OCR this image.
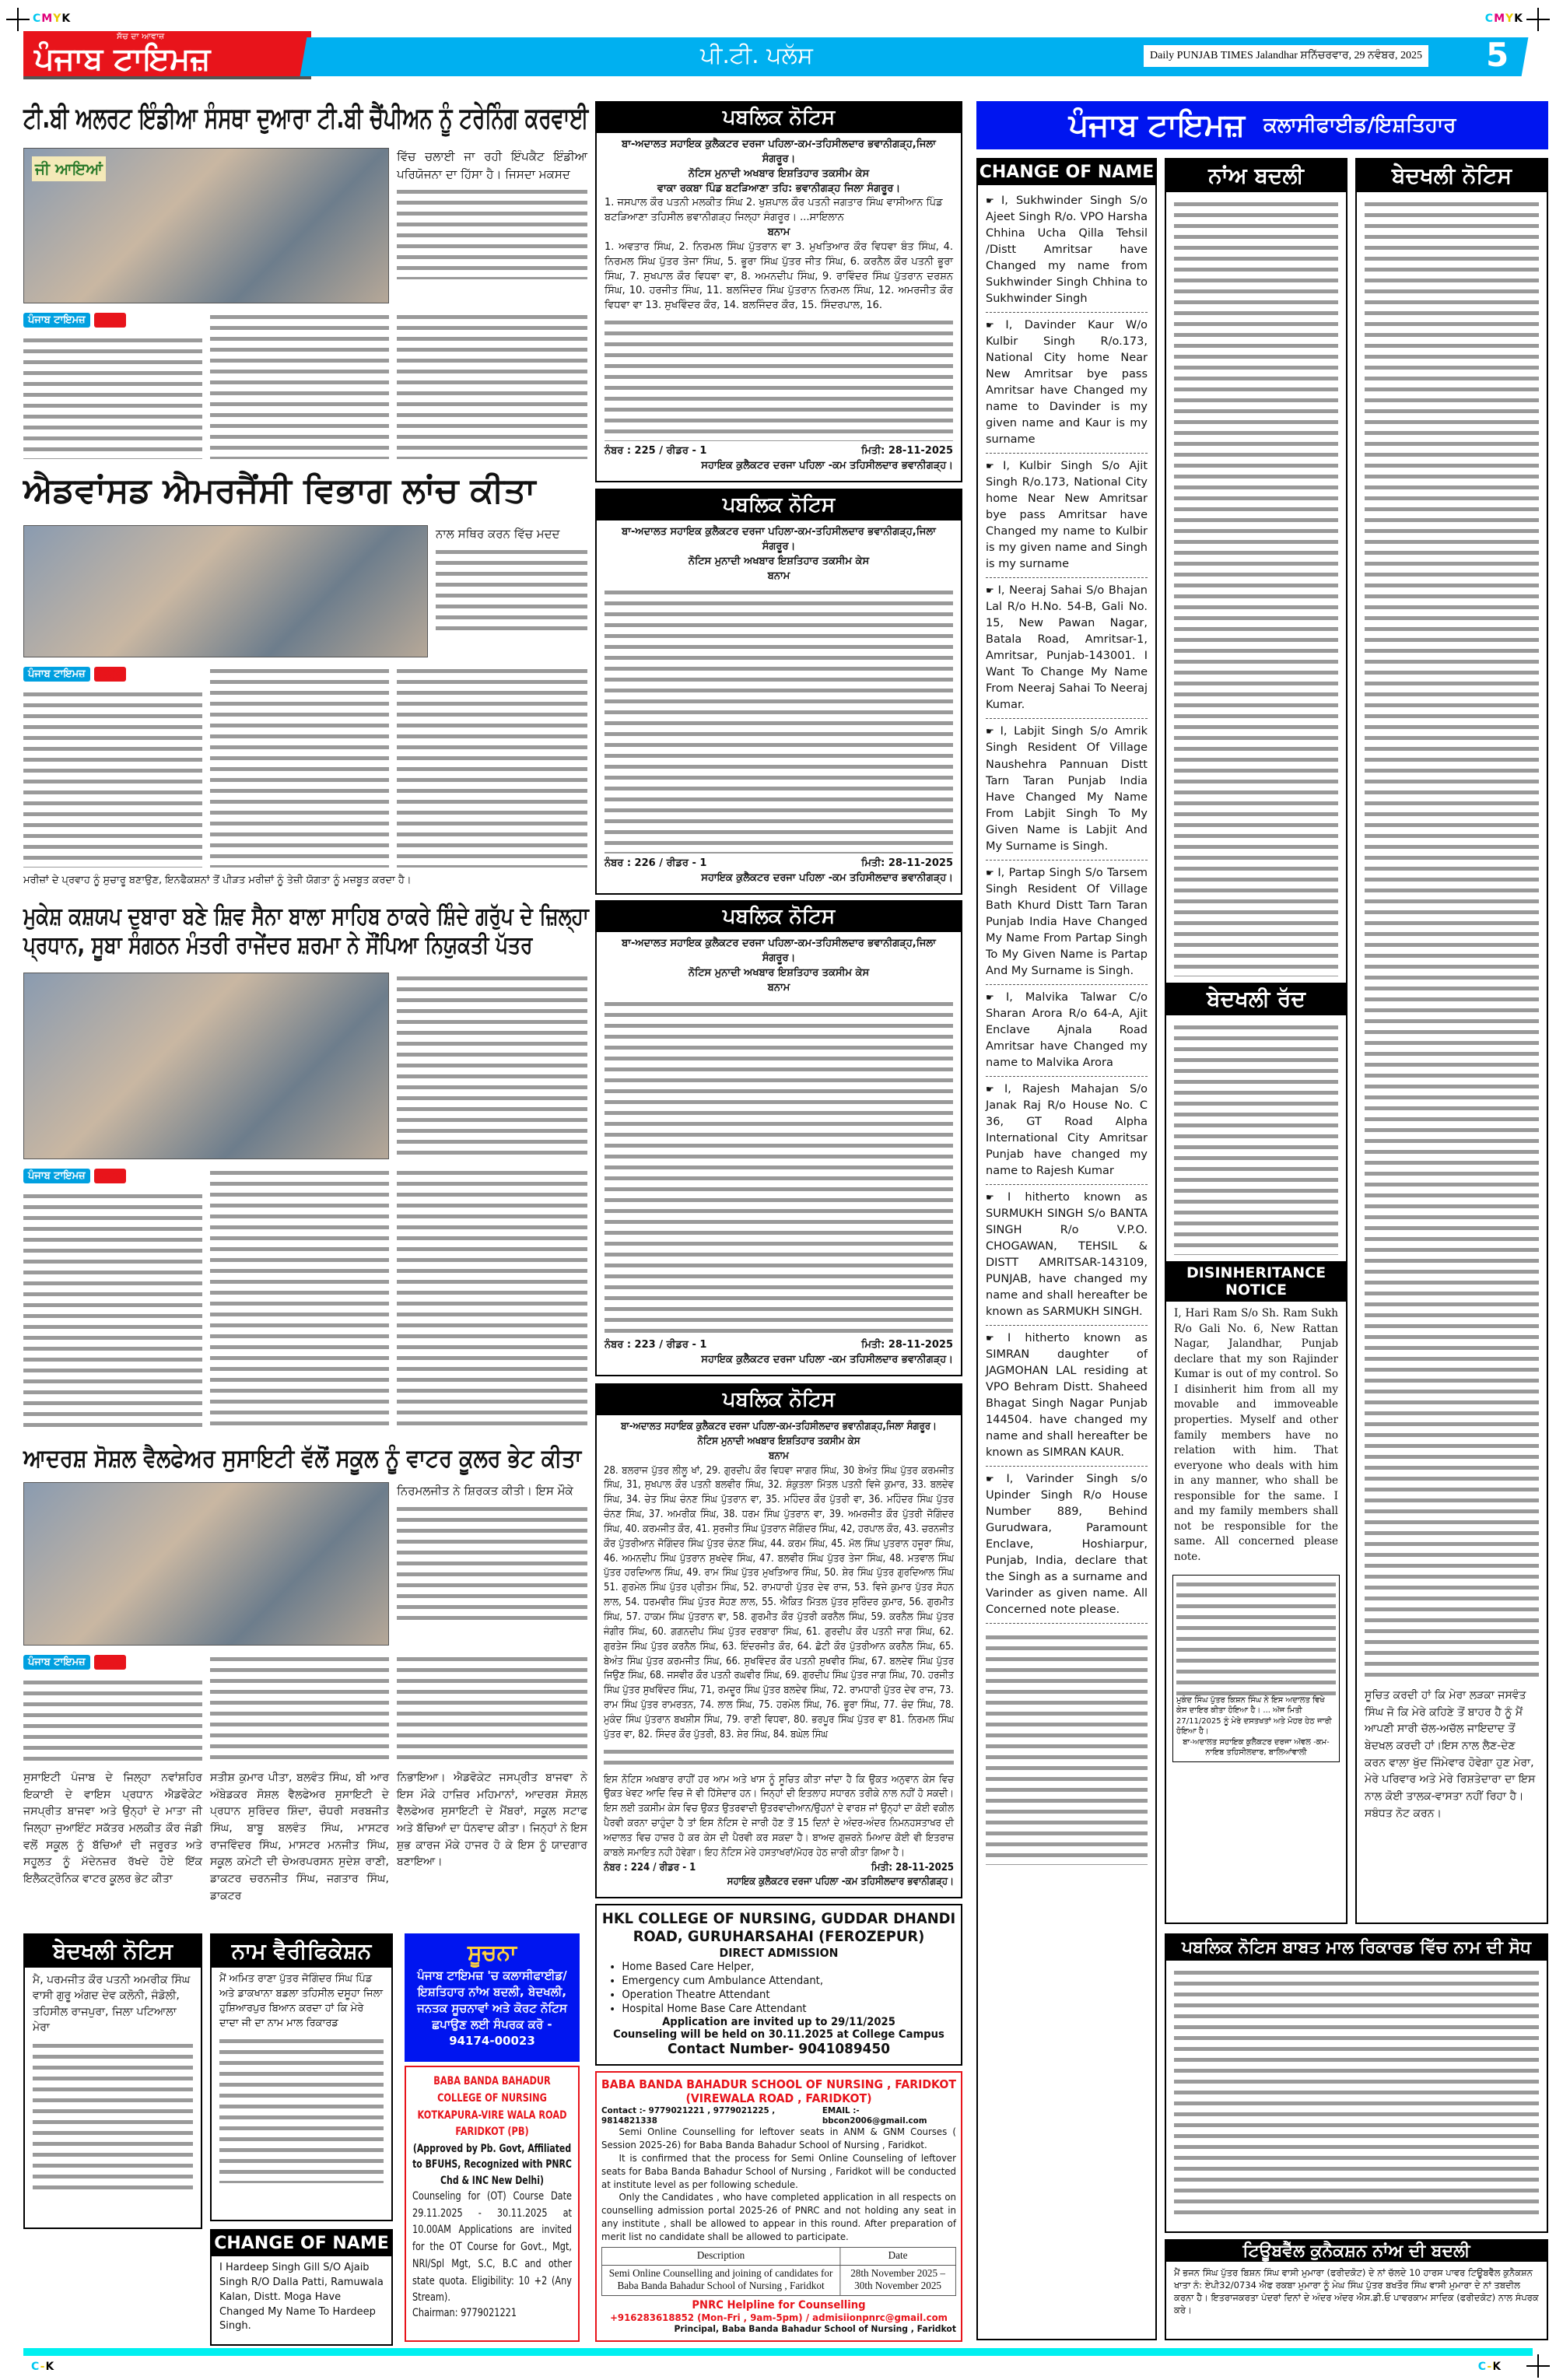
CMYK	CMYK
ਸੱਚ ਦਾ ਆਵਾਜ਼
ਪੰਜਾਬ ਟਾਇਮਜ਼	ਪੀ.ਟੀ. ਪਲੱਸ	Daily PUNJAB TIMES Jalandhar ਸ਼ਨਿੱਚਰਵਾਰ, 29 ਨਵੰਬਰ, 2025 5
ਟੀ.ਬੀ ਅਲਰਟ ਇੰਡੀਆ ਸੰਸਥਾ ਦੁਆਰਾ ਟੀ.ਬੀ ਚੈਂਪੀਅਨ ਨੂੰ ਟਰੇਨਿੰਗ ਕਰਵਾਈ
ਜੀ ਆਇਆਂ
ਵਿੱਚ ਚਲਾਈ ਜਾ ਰਹੀ ਇੰਪਕੈਟ ਇੰਡੀਆ ਪਰਿਯੋਜਨਾ ਦਾ ਹਿੱਸਾ ਹੈ। ਜਿਸਦਾ ਮਕਸਦ
ਪੰਜਾਬ ਟਾਇਮਜ਼ ਬਿਊਰੋ
ਐਡਵਾਂਸਡ ਐਮਰਜੈਂਸੀ ਵਿਭਾਗ ਲਾਂਚ ਕੀਤਾ
ਨਾਲ ਸਥਿਰ ਕਰਨ ਵਿੱਚ ਮਦਦ
ਪੰਜਾਬ ਟਾਇਮਜ਼ ਬਿਊਰੋ
ਮਰੀਜ਼ਾਂ ਦੇ ਪ੍ਰਵਾਹ ਨੂੰ ਸੁਚਾਰੂ ਬਣਾਉਣ, ਇਨਫੈਕਸ਼ਨਾਂ ਤੋਂ ਪੀੜਤ ਮਰੀਜ਼ਾਂ ਨੂੰ ਤੇਜ਼ੀ ਯੋਗਤਾ ਨੂੰ ਮਜ਼ਬੂਤ ਕਰਦਾ ਹੈ।
ਮੁਕੇਸ਼ ਕਸ਼ਯਪ ਦੁਬਾਰਾ ਬਣੇ ਸ਼ਿਵ ਸੈਨਾ ਬਾਲਾ ਸਾਹਿਬ ਠਾਕਰੇ ਸ਼ਿੰਦੇ ਗਰੁੱਪ ਦੇ ਜ਼ਿਲ੍ਹਾ ਪ੍ਰਧਾਨ, ਸੂਬਾ ਸੰਗਠਨ ਮੰਤਰੀ ਰਾਜੇਂਦਰ ਸ਼ਰਮਾ ਨੇ ਸੌਂਪਿਆ ਨਿਯੁਕਤੀ ਪੱਤਰ
ਪੰਜਾਬ ਟਾਇਮਜ਼ ਬਿਊਰੋ
ਆਦਰਸ਼ ਸੋਸ਼ਲ ਵੈਲਫੇਅਰ ਸੁਸਾਇਟੀ ਵੱਲੋਂ ਸਕੂਲ ਨੂੰ ਵਾਟਰ ਕੂਲਰ ਭੇਟ ਕੀਤਾ
ਨਿਰਮਲਜੀਤ ਨੇ ਸ਼ਿਰਕਤ ਕੀਤੀ। ਇਸ ਮੌਕੇ
ਪੰਜਾਬ ਟਾਇਮਜ਼ ਬਿਊਰੋ
ਸੁਸਾਇਟੀ ਪੰਜਾਬ ਦੇ ਜਿਲ੍ਹਾ ਨਵਾਂਸ਼ਹਿਰ ਇਕਾਈ ਦੇ ਵਾਇਸ ਪ੍ਰਧਾਨ ਐਡਵੋਕੇਟ ਜਸਪ੍ਰੀਤ ਬਾਜਵਾ ਅਤੇ ਉਨ੍ਹਾਂ ਦੇ ਮਾਤਾ ਜੀ ਜਿਲ੍ਹਾ ਜੁਆਇੰਟ ਸਕੱਤਰ ਮਲਕੀਤ ਕੌਰ ਜੰਡੀ ਵਲੋਂ ਸਕੂਲ ਨੂੰ ਬੱਚਿਆਂ ਦੀ ਜਰੂਰਤ ਅਤੇ ਸਹੂਲਤ ਨੂੰ ਮੱਦੇਨਜ਼ਰ ਰੱਖਦੇ ਹੋਏ ਇੱਕ ਇਲੈਕਟ੍ਰੋਨਿਕ ਵਾਟਰ ਕੂਲਰ ਭੇਟ ਕੀਤਾ
ਸਤੀਸ਼ ਕੁਮਾਰ ਪੀਤਾ, ਬਲਵੰਤ ਸਿੰਘ, ਬੀ ਆਰ ਅੰਬੇਡਕਰ ਸੋਸ਼ਲ ਵੈਲਫੇਅਰ ਸੁਸਾਇਟੀ ਦੇ ਪ੍ਰਧਾਨ ਸੁਰਿੰਦਰ ਸ਼ਿੰਦਾ, ਚੌਧਰੀ ਸਰਬਜੀਤ ਸਿੰਘ, ਬਾਬੂ ਬਲਵੰਤ ਸਿੰਘ, ਮਾਸਟਰ ਰਾਜਵਿੰਦਰ ਸਿੰਘ, ਮਾਸਟਰ ਮਨਜੀਤ ਸਿੰਘ, ਸਕੂਲ ਕਮੇਟੀ ਦੀ ਚੇਅਰਪਰਸਨ ਸੁਦੇਸ਼ ਰਾਣੀ, ਡਾਕਟਰ ਚਰਨਜੀਤ ਸਿੰਘ, ਜਗਤਾਰ ਸਿੰਘ, ਡਾਕਟਰ
ਨਿਭਾਇਆ। ਐਡਵੋਕੇਟ ਜਸਪ੍ਰੀਤ ਬਾਜਵਾ ਨੇ ਇਸ ਮੌਕੇ ਹਾਜ਼ਿਰ ਮਹਿਮਾਨਾਂ, ਆਦਰਸ਼ ਸੋਸ਼ਲ ਵੈਲਫੇਅਰ ਸੁਸਾਇਟੀ ਦੇ ਮੈਂਬਰਾਂ, ਸਕੂਲ ਸਟਾਫ ਅਤੇ ਬੱਚਿਆਂ ਦਾ ਧੰਨਵਾਦ ਕੀਤਾ। ਜਿਨ੍ਹਾਂ ਨੇ ਇਸ ਸ਼ੁਭ ਕਾਰਜ ਮੌਕੇ ਹਾਜਰ ਹੋ ਕੇ ਇਸ ਨੂੰ ਯਾਦਗਾਰ ਬਣਾਇਆ।
ਬੇਦਖਲੀ ਨੋਟਿਸ
ਮੈ, ਪਰਮਜੀਤ ਕੌਰ ਪਤਨੀ ਅਮਰੀਕ ਸਿੰਘ ਵਾਸੀ ਗੁਰੂ ਅੰਗਦ ਦੇਵ ਕਲੋਨੀ, ਜੰਡੋਲੀ, ਤਹਿਸੀਲ ਰਾਜਪੁਰਾ, ਜਿਲਾ ਪਟਿਆਲਾ ਮੇਰਾ
ਨਾਮ ਵੈਰੀਫਿਕੇਸ਼ਨ
ਮੈਂ ਅਮਿਤ ਰਾਣਾ ਪੁੱਤਰ ਜੋਗਿੰਦਰ ਸਿੰਘ ਪਿੰਡ ਅਤੇ ਡਾਕਖਾਨਾ ਬਡਲਾ ਤਹਿਸੀਲ ਦਸੂਹਾ ਜਿਲਾ ਹੁਸ਼ਿਆਰਪੁਰ ਬਿਆਨ ਕਰਦਾ ਹਾਂ ਕਿ ਮੇਰੇ ਦਾਦਾ ਜੀ ਦਾ ਨਾਮ ਮਾਲ ਰਿਕਾਰਡ
CHANGE OF NAME
I Hardeep Singh Gill S/O Ajaib Singh R/O Dalla Patti, Ramuwala Kalan, Distt. Moga Have Changed My Name To Hardeep Singh.
ਸੂਚਨਾ
ਪੰਜਾਬ ਟਾਇਮਜ਼ 'ਚ ਕਲਾਸੀਫਾਈਡ/ ਇਸ਼ਤਿਹਾਰ ਨਾਂਅ ਬਦਲੀ, ਬੇਦਖਲੀ, ਜਨਤਕ ਸੂਚਨਾਵਾਂ ਅਤੇ ਕੋਰਟ ਨੋਟਿਸ ਛਪਾਉਣ ਲਈ ਸੰਪਰਕ ਕਰੋ - 94174-00023
BABA BANDA BAHADUR COLLEGE OF NURSING KOTKAPURA-VIRE WALA ROAD FARIDKOT (PB)
(Approved by Pb. Govt, Affiliated to BFUHS, Recognized with PNRC Chd & INC New Delhi)
Counseling for (OT) Course Date 29.11.2025 - 30.11.2025 at 10.00AM Applications are invited for the OT Course for Govt., Mgt, NRI/Spl Mgt, S.C, B.C and other state quota. Eligibility: 10 +2 (Any Stream).
Chairman: 9779021221
ਪਬਲਿਕ ਨੋਟਿਸ
ਬਾ-ਅਦਾਲਤ ਸਹਾਇਕ ਕੁਲੈਕਟਰ ਦਰਜਾ ਪਹਿਲਾ-ਕਮ-ਤਹਿਸੀਲਦਾਰ ਭਵਾਨੀਗੜ੍ਹ,ਜਿਲਾ ਸੰਗਰੂਰ।
ਨੋਟਿਸ ਮੁਨਾਦੀ ਅਖਬਾਰ ਇਸ਼ਤਿਹਾਰ ਤਕਸੀਮ ਕੇਸ
ਵਾਕਾ ਰਕਬਾ ਪਿੰਡ ਬਟੜਿਆਣਾ ਤਹਿ: ਭਵਾਨੀਗੜ੍ਹ ਜਿਲਾ ਸੰਗਰੂਰ।
1. ਜਸਪਾਲ ਕੌਰ ਪਤਨੀ ਮਲਕੀਤ ਸਿੰਘ 2. ਖੁਸ਼ਪਾਲ ਕੌਰ ਪਤਨੀ ਜਗਤਾਰ ਸਿੰਘ ਵਾਸੀਆਨ ਪਿੰਡ ਬਟੜਿਆਣਾ ਤਹਿਸੀਲ ਭਵਾਨੀਗੜ੍ਹ ਜਿਲ੍ਹਾ ਸੰਗਰੂਰ। ...ਸਾਇਲਾਨ
ਬਨਾਮ
1. ਅਵਤਾਰ ਸਿੰਘ, 2. ਨਿਰਮਲ ਸਿੰਘ ਪੁੱਤਰਾਨ ਵਾ 3. ਮੁਖਤਿਆਰ ਕੌਰ ਵਿਧਵਾ ਬੰਤ ਸਿੰਘ, 4. ਨਿਰਮਲ ਸਿੰਘ ਪੁੱਤਰ ਤੇਜਾ ਸਿੰਘ, 5. ਭੂਰਾ ਸਿੰਘ ਪੁੱਤਰ ਜੀਤ ਸਿੰਘ, 6. ਕਰਨੈਲ ਕੌਰ ਪਤਨੀ ਭੂਰਾ ਸਿੰਘ, 7. ਸੁਖਪਾਲ ਕੌਰ ਵਿਧਵਾ ਵਾ, 8. ਅਮਨਦੀਪ ਸਿੰਘ, 9. ਰਾਵਿੰਦਰ ਸਿੰਘ ਪੁੱਤਰਾਨ ਦਰਸ਼ਨ ਸਿੰਘ, 10. ਹਰਜੀਤ ਸਿੰਘ, 11. ਬਲਜਿੰਦਰ ਸਿੰਘ ਪੁੱਤਰਾਨ ਨਿਰਮਲ ਸਿੰਘ, 12. ਅਮਰਜੀਤ ਕੌਰ ਵਿਧਵਾ ਵਾ 13. ਸੁਖਵਿੰਦਰ ਕੌਰ, 14. ਬਲਜਿੰਦਰ ਕੌਰ, 15. ਸਿੰਦਰਪਾਲ, 16.
ਨੰਬਰ : 225 / ਰੀਡਰ - 1	ਮਿਤੀ: 28-11-2025
ਸਹਾਇਕ ਕੁਲੈਕਟਰ ਦਰਜਾ ਪਹਿਲਾ -ਕਮ ਤਹਿਸੀਲਦਾਰ ਭਵਾਨੀਗੜ੍ਹ।
ਪਬਲਿਕ ਨੋਟਿਸ
ਬਾ-ਅਦਾਲਤ ਸਹਾਇਕ ਕੁਲੈਕਟਰ ਦਰਜਾ ਪਹਿਲਾ-ਕਮ-ਤਹਿਸੀਲਦਾਰ ਭਵਾਨੀਗੜ੍ਹ,ਜਿਲਾ ਸੰਗਰੂਰ।
ਨੋਟਿਸ ਮੁਨਾਦੀ ਅਖਬਾਰ ਇਸ਼ਤਿਹਾਰ ਤਕਸੀਮ ਕੇਸ
ਬਨਾਮ
ਨੰਬਰ : 226 / ਰੀਡਰ - 1	ਮਿਤੀ: 28-11-2025
ਸਹਾਇਕ ਕੁਲੈਕਟਰ ਦਰਜਾ ਪਹਿਲਾ -ਕਮ ਤਹਿਸੀਲਦਾਰ ਭਵਾਨੀਗੜ੍ਹ।
ਪਬਲਿਕ ਨੋਟਿਸ
ਬਾ-ਅਦਾਲਤ ਸਹਾਇਕ ਕੁਲੈਕਟਰ ਦਰਜਾ ਪਹਿਲਾ-ਕਮ-ਤਹਿਸੀਲਦਾਰ ਭਵਾਨੀਗੜ੍ਹ,ਜਿਲਾ ਸੰਗਰੂਰ।
ਨੋਟਿਸ ਮੁਨਾਦੀ ਅਖਬਾਰ ਇਸ਼ਤਿਹਾਰ ਤਕਸੀਮ ਕੇਸ
ਬਨਾਮ
ਨੰਬਰ : 223 / ਰੀਡਰ - 1	ਮਿਤੀ: 28-11-2025
ਸਹਾਇਕ ਕੁਲੈਕਟਰ ਦਰਜਾ ਪਹਿਲਾ -ਕਮ ਤਹਿਸੀਲਦਾਰ ਭਵਾਨੀਗੜ੍ਹ।
ਪਬਲਿਕ ਨੋਟਿਸ
ਬਾ-ਅਦਾਲਤ ਸਹਾਇਕ ਕੁਲੈਕਟਰ ਦਰਜਾ ਪਹਿਲਾ-ਕਮ-ਤਹਿਸੀਲਦਾਰ ਭਵਾਨੀਗੜ੍ਹ,ਜਿਲਾ ਸੰਗਰੂਰ।
ਨੋਟਿਸ ਮੁਨਾਦੀ ਅਖਬਾਰ ਇਸ਼ਤਿਹਾਰ ਤਕਸੀਮ ਕੇਸ
ਬਨਾਮ
28. ਬਲਰਾਜ ਪੁੱਤਰ ਲੀਲੂ ਖਾਂ, 29. ਗੁਰਦੀਪ ਕੌਰ ਵਿਧਵਾ ਜਾਗਰ ਸਿੰਘ, 30 ਬੇਅੰਤ ਸਿੰਘ ਪੁੱਤਰ ਕਰਮਜੀਤ ਸਿੰਘ, 31, ਸੁਖਪਾਲ ਕੌਰ ਪਤਨੀ ਬਲਵੀਰ ਸਿੰਘ, 32. ਸ਼ੰਕੁਤਲਾ ਮਿੱਤਲ ਪਤਨੀ ਵਿਜੇ ਕੁਮਾਰ, 33. ਬਲਦੇਵ ਸਿੰਘ, 34. ਚੇਤ ਸਿੰਘ ਚੰਨਣ ਸਿੰਘ ਪੁੱਤਰਾਨ ਵਾ, 35. ਮਹਿੰਦਰ ਕੌਰ ਪੁੱਤਰੀ ਵਾ, 36. ਮਹਿੰਦਰ ਸਿੰਘ ਪੁੱਤਰ ਚੰਨਣ ਸਿੰਘ, 37. ਅਮਰੀਕ ਸਿੰਘ, 38. ਧਰਮ ਸਿੰਘ ਪੁੱਤਰਾਨ ਵਾ, 39. ਅਮਰਜੀਤ ਕੌਰ ਪੁੱਤਰੀ ਜੋਗਿੰਦਰ ਸਿੰਘ, 40. ਕਰਮਜੀਤ ਕੌਰ, 41. ਸੁਰਜੀਤ ਸਿੰਘ ਪੁੱਤਰਾਨ ਜੋਗਿੰਦਰ ਸਿੰਘ, 42, ਹਰਪਾਲ ਕੌਰ, 43. ਚਰਨਜੀਤ ਕੌਰ ਪੁੱਤਰੀਆਨ ਜੋਗਿੰਦਰ ਸਿੰਘ ਪੁੱਤਰ ਚੰਨਣ ਸਿੰਘ, 44. ਕਰਮ ਸਿੰਘ, 45. ਮੱਲ ਸਿੰਘ ਪੁਤਰਾਨ ਹਜੂਰਾ ਸਿੰਘ, 46. ਅਮਨਦੀਪ ਸਿੰਘ ਪੁੱਤਰਾਨ ਸੁਖਦੇਵ ਸਿੰਘ, 47. ਬਲਵੀਰ ਸਿੰਘ ਪੁੱਤਰ ਤੇਜਾ ਸਿੰਘ, 48. ਮਤਵਾਲ ਸਿੰਘ ਪੁੱਤਰ ਹਰਦਿਆਲ ਸਿੰਘ, 49. ਰਾਮ ਸਿੰਘ ਪੁੱਤਰ ਮੁਖਤਿਆਰ ਸਿੰਘ, 50. ਸ਼ੇਰ ਸਿੰਘ ਪੁੱਤਰ ਗੁਰਦਿਆਲ ਸਿੰਘ 51. ਗੁਰਮੇਲ ਸਿੰਘ ਪੁੱਤਰ ਪ੍ਰੀਤਮ ਸਿੰਘ, 52. ਰਾਮਧਾਰੀ ਪੁੱਤਰ ਦੇਵ ਰਾਜ, 53. ਵਿਜੇ ਕੁਮਾਰ ਪੁੱਤਰ ਸੋਹਨ ਲਾਲ, 54. ਧਰਮਵੀਰ ਸਿੰਘ ਪੁੱਤਰ ਸੋਹਣ ਲਾਲ, 55. ਐਕਿਤ ਮਿੱਤਲ ਪੁੱਤਰ ਸੁਰਿੰਦਰ ਕੁਮਾਰ, 56. ਗੁਰਮੀਤ ਸਿੰਘ, 57. ਹਾਕਮ ਸਿੰਘ ਪੁੱਤਰਾਨ ਵਾ, 58. ਗੁਰਮੀਤ ਕੌਰ ਪੁੱਤਰੀ ਕਰਨੈਲ ਸਿੰਘ, 59. ਕਰਨੈਲ ਸਿੰਘ ਪੁੱਤਰ ਜੰਗੀਰ ਸਿੰਘ, 60. ਗਗਨਦੀਪ ਸਿੰਘ ਪੁੱਤਰ ਦਰਬਾਰਾ ਸਿੰਘ, 61. ਗੁਰਦੀਪ ਕੌਰ ਪਤਨੀ ਜਾਗ ਸਿੰਘ, 62. ਗੁਰਤੇਜ ਸਿੰਘ ਪੁੱਤਰ ਕਰਨੈਲ ਸਿੰਘ, 63. ਇੰਦਰਜੀਤ ਕੌਰ, 64. ਛੋਟੀ ਕੌਰ ਪੁੱਤਰੀਆਨ ਕਰਨੈਲ ਸਿੰਘ, 65. ਬੇਅੰਤ ਸਿੰਘ ਪੁੱਤਰ ਕਰਮਜੀਤ ਸਿੰਘ, 66. ਸੁਖਵਿੰਦਰ ਕੌਰ ਪਤਨੀ ਸੁਖਵੀਰ ਸਿੰਘ, 67. ਬਲਦੇਵ ਸਿੰਘ ਪੁੱਤਰ ਜਿਉਣ ਸਿੰਘ, 68. ਜਸਵੀਰ ਕੌਰ ਪਤਨੀ ਰਘਵੀਰ ਸਿੰਘ, 69. ਗੁਰਦੀਪ ਸਿੰਘ ਪੁੱਤਰ ਜਾਗ ਸਿੰਘ, 70. ਹਰਜੀਤ ਸਿੰਘ ਪੁੱਤਰ ਸੁਖਵਿੰਦਰ ਸਿੰਘ, 71, ਰਮਦੂਰ ਸਿੰਘ ਪੁੱਤਰ ਬਲਦੇਵ ਸਿੰਘ, 72. ਰਾਮਧਾਰੀ ਪੁੱਤਰ ਦੇਵ ਰਾਜ, 73. ਰਾਮ ਸਿੰਘ ਪੁੱਤਰ ਰਾਮਰਤਨ, 74. ਲਾਲ ਸਿੰਘ, 75. ਹਰਮੇਲ ਸਿੰਘ, 76. ਭੂਰਾ ਸਿੰਘ, 77. ਚੰਦ ਸਿੰਘ, 78. ਮੁਕੰਦ ਸਿੰਘ ਪੁੱਤਰਾਨ ਬਖਸ਼ੀਸ ਸਿੰਘ, 79. ਰਾਣੀ ਵਿਧਵਾ, 80. ਭਰਪੂਰ ਸਿੰਘ ਪੁੱਤਰ ਵਾ 81. ਨਿਰਮਲ ਸਿੰਘ ਪੁੱਤਰ ਵਾ, 82. ਸਿੰਦਰ ਕੌਰ ਪੁੱਤਰੀ, 83. ਸ਼ੇਰ ਸਿੰਘ, 84. ਬਘੇਲ ਸਿੰਘ
ਇਸ ਨੋਟਿਸ ਅਖਬਾਰ ਰਾਹੀਂ ਹਰ ਆਮ ਅਤੇ ਖਾਸ ਨੂੰ ਸੂਚਿਤ ਕੀਤਾ ਜਾਂਦਾ ਹੈ ਕਿ ਉਕਤ ਅਨੁਵਾਨ ਕੇਸ ਵਿਚ ਉਕਤ ਖੇਵਟ ਆਦਿ ਵਿਚ ਜੋ ਵੀ ਹਿੱਸੇਦਾਰ ਹਨ। ਜਿਨ੍ਹਾਂ ਦੀ ਇਤਲਾਹ ਸਧਾਰਨ ਤਰੀਕੇ ਨਾਲ ਨਹੀਂ ਹੋ ਸਕਦੀ। ਇਸ ਲਈ ਤਕਸੀਮ ਕੇਸ ਵਿਚ ਉਕਤ ਉਤਰਵਾਦੀ ਉਤਰਵਾਦੀਆਨ/ਉਹਨਾਂ ਦੇ ਵਾਰਸ਼ ਜਾਂ ਉਨ੍ਹਾਂ ਦਾ ਕੋਈ ਵਕੀਲ ਪੈਰਵੀ ਕਰਨਾ ਚਾਹੁੰਦਾ ਹੈ ਤਾਂ ਇਸ ਨੋਟਿਸ ਦੇ ਜਾਰੀ ਹੋਣ ਤੋਂ 15 ਦਿਨਾਂ ਦੇ ਅੰਦਰ-ਅੰਦਰ ਨਿਮਨਹਸਤਾਖਰ ਦੀ ਅਦਾਲਤ ਵਿਚ ਹਾਜ਼ਰ ਹੋ ਕਰ ਕੇਸ ਦੀ ਪੈਰਵੀ ਕਰ ਸਕਦਾ ਹੈ। ਬਾਅਦ ਗੁਜ਼ਰਨੇ ਮਿਆਦ ਕੋਈ ਵੀ ਇਤਰਾਜ਼ ਕਾਬਲੇ ਸਮਾਇਤ ਨਹੀ ਹੋਵੇਗਾ। ਇਹ ਨੋਟਿਸ ਮੇਰੇ ਹਸਤਾਖਰਾਂ/ਮੋਹਰ ਹੇਠ ਜ਼ਾਰੀ ਕੀਤਾ ਗਿਆ ਹੈ।
ਨੰਬਰ : 224 / ਰੀਡਰ - 1	ਮਿਤੀ: 28-11-2025
ਸਹਾਇਕ ਕੁਲੈਕਟਰ ਦਰਜਾ ਪਹਿਲਾ -ਕਮ ਤਹਿਸੀਲਦਾਰ ਭਵਾਨੀਗੜ੍ਹ।
HKL COLLEGE OF NURSING, GUDDAR DHANDI ROAD, GURUHARSAHAI (FEROZEPUR)
DIRECT ADMISSION
• Home Based Care Helper,
• Emergency cum Ambulance Attendant,
• Operation Theatre Attendant
• Hospital Home Base Care Attendant
Application are invited up to 29/11/2025
Counseling will be held on 30.11.2025 at College Campus
Contact Number- 9041089450
BABA BANDA BAHADUR SCHOOL OF NURSING , FARIDKOT
(VIREWALA ROAD , FARIDKOT)
Contact :- 9779021221 , 9779021225 , 9814821338
EMAIL :- bbcon2006@gmail.com

Semi Online Counselling for leftover seats in ANM & GNM Courses ( Session 2025-26) for Baba Banda Bahadur School of Nursing , Faridkot.

It is confirmed that the process for Semi Online Counseling of leftover seats for Baba Banda Bahadur School of Nursing , Faridkot will be conducted at institute level as per following schedule.

Only the Candidates , who have completed application in all respects on counselling admission portal 2025-26 of PNRC and not holding any seat in any institute , shall be allowed to appear in this round. After preparation of merit list no candidate shall be allowed to participate.

Description	Date
Semi Online Counselling and joining of candidates for Baba Banda Bahadur School of Nursing , Faridkot	28th November 2025 – 30th November 2025
PNRC Helpline for Counselling
+916283618852 (Mon-Fri , 9am-5pm) / admisiionpnrc@gmail.com
Principal, Baba Banda Bahadur School of Nursing , Faridkot
ਪੰਜਾਬ ਟਾਇਮਜ਼ ਕਲਾਸੀਫਾਈਡ/ਇਸ਼ਤਿਹਾਰ
CHANGE OF NAME
☛ I, Sukhwinder Singh S/o Ajeet Singh R/o. VPO Harsha Chhina Ucha Qilla Tehsil /Distt Amritsar have Changed my name from Sukhwinder Singh Chhina to Sukhwinder Singh
☛ I, Davinder Kaur W/o Kulbir Singh R/o.173, National City home Near New Amritsar bye pass Amritsar have Changed my name to Davinder is my given name and Kaur is my surname
☛ I, Kulbir Singh S/o Ajit Singh R/o.173, National City home Near New Amritsar bye pass Amritsar have Changed my name to Kulbir is my given name and Singh is my surname
☛ I, Neeraj Sahai S/o Bhajan Lal R/o H.No. 54-B, Gali No. 15, New Pawan Nagar, Batala Road, Amritsar-1, Amritsar, Punjab-143001. I Want To Change My Name From Neeraj Sahai To Neeraj Kumar.
☛ I, Labjit Singh S/o Amrik Singh Resident Of Village Naushehra Pannuan Distt Tarn Taran Punjab India Have Changed My Name From Labjit Singh To My Given Name is Labjit And My Surname is Singh.
☛ I, Partap Singh S/o Tarsem Singh Resident Of Village Bath Khurd Distt Tarn Taran Punjab India Have Changed My Name From Partap Singh To My Given Name is Partap And My Surname is Singh.
☛ I, Malvika Talwar C/o Sharan Arora R/o 64-A, Ajit Enclave Ajnala Road Amritsar have Changed my name to Malvika Arora
☛ I, Rajesh Mahajan S/o Janak Raj R/o House No. C 36, GT Road Alpha International City Amritsar Punjab have changed my name to Rajesh Kumar
☛ I hitherto known as SURMUKH SINGH S/o BANTA SINGH R/o V.P.O. CHOGAWAN, TEHSIL & DISTT AMRITSAR-143109, PUNJAB, have changed my name and shall hereafter be known as SARMUKH SINGH.
☛ I hitherto known as SIMRAN daughter of JAGMOHAN LAL residing at VPO Behram Distt. Shaheed Bhagat Singh Nagar Punjab 144504. have changed my name and shall hereafter be known as SIMRAN KAUR.
☛ I, Varinder Singh s/o Upinder Singh R/o House Number 889, Behind Gurudwara, Paramount Enclave, Hoshiarpur, Punjab, India, declare that the Singh as a surname and Varinder as given name. All Concerned note please.
ਨਾਂਅ ਬਦਲੀ
ਬੇਦਖਲੀ ਰੱਦ
DISINHERITANCE NOTICE
I, Hari Ram S/o Sh. Ram Sukh R/o Gali No. 6, New Rattan Nagar, Jalandhar, Punjab declare that my son Rajinder Kumar is out of my control. So I disinherit him from all my movable and immoveable properties. Myself and other family members have no relation with him. That everyone who deals with him in any manner, who shall be responsible for the same. I and my family members shall not be responsible for the same. All concerned please note.
ਮੁਕੰਦ ਸਿੰਘ ਪੁੱਤਰ ਕਿਸ਼ਨ ਸਿੰਘ ਨੇ ਇਸ ਅਦਾਲਤ ਵਿਖੇ ਕੇਸ ਦਾਇਰ ਕੀਤਾ ਹੋਇਆ ਹੈ। ... ਅੱਜ ਮਿਤੀ 27/11/2025 ਨੂੰ ਮੇਰੇ ਦਸਤਖਤਾਂ ਅਤੇ ਮੋਹਰ ਹੇਠ ਜਾਰੀ ਹੋਇਆ ਹੈ।
ਬਾ-ਅਦਾਲਤ ਸਹਾਇਕ ਕੁਲੈਕਟਰ ਦਰਜਾ ਅੱਵਲ -ਕਮ- ਨਾਇਬ ਤਹਿਸੀਲਦਾਰ, ਬਾਲਿਆਂਵਾਲੀ
ਬੇਦਖਲੀ ਨੋਟਿਸ
ਸੂਚਿਤ ਕਰਦੀ ਹਾਂ ਕਿ ਮੇਰਾ ਲੜਕਾ ਜਸਵੰਤ ਸਿੰਘ ਜੋ ਕਿ ਮੇਰੇ ਕਹਿਣੇ ਤੋਂ ਬਾਹਰ ਹੈ ਨੂੰ ਮੈਂ ਆਪਣੀ ਸਾਰੀ ਚੱਲ-ਅਚੱਲ ਜਾਇਦਾਦ ਤੋਂ ਬੇਦਖਲ ਕਰਦੀ ਹਾਂ।ਇਸ ਨਾਲ ਲੈਣ-ਦੇਣ ਕਰਨ ਵਾਲਾ ਖੁੱਦ ਜਿੰਮੇਵਾਰ ਹੋਵੇਗਾ ਹੁਣ ਮੇਰਾ, ਮੇਰੇ ਪਰਿਵਾਰ ਅਤੇ ਮੇਰੇ ਰਿਸ਼ਤੇਦਾਰਾ ਦਾ ਇਸ ਨਾਲ ਕੋਈ ਤਾਲਕ-ਵਾਸਤਾ ਨਹੀਂ ਰਿਹਾ ਹੈ। ਸਬੰਧਤ ਨੋਟ ਕਰਨ।
ਪਬਲਿਕ ਨੋਟਿਸ ਬਾਬਤ ਮਾਲ ਰਿਕਾਰਡ ਵਿੱਚ ਨਾਮ ਦੀ ਸੋਧ
ਟਿਊਬਵੈੱਲ ਕੁਨੈਕਸ਼ਨ ਨਾਂਅ ਦੀ ਬਦਲੀ
ਮੈਂ ਭਜਨ ਸਿੰਘ ਪੁੱਤਰ ਬਿਸ਼ਨ ਸਿੰਘ ਵਾਸੀ ਮੁਮਾਰਾ (ਫਰੀਦਕੋਟ) ਦੇ ਨਾਂ ਚੱਲਦੇ 10 ਹਾਰਸ ਪਾਵਰ ਟਿਊਬਵੈੱਲ ਕੁਨੈਕਸ਼ਨ ਖਾਤਾ ਨੰ: ਏਪੀ32/0734 ਐਫ ਰਕਬਾ ਮੁਮਾਰਾ ਨੂੰ ਮੇਘ ਸਿੰਘ ਪੁੱਤਰ ਬਖਤੌਰ ਸਿੰਘ ਵਾਸੀ ਮੁਮਾਰਾ ਦੇ ਨਾਂ ਤਬਦੀਲ ਕਰਨਾ ਹੈ। ਇਤਰਾਜਕਰਤਾ ਪੰਦਰਾਂ ਦਿਨਾਂ ਦੇ ਅੰਦਰ ਅੰਦਰ ਐਸ.ਡੀ.ਓ ਪਾਵਰਕਾਮ ਸਾਦਿਕ (ਫਰੀਦਕੋਟ) ਨਾਲ ਸੰਪਰਕ ਕਰੇ।
C-K	C-K
